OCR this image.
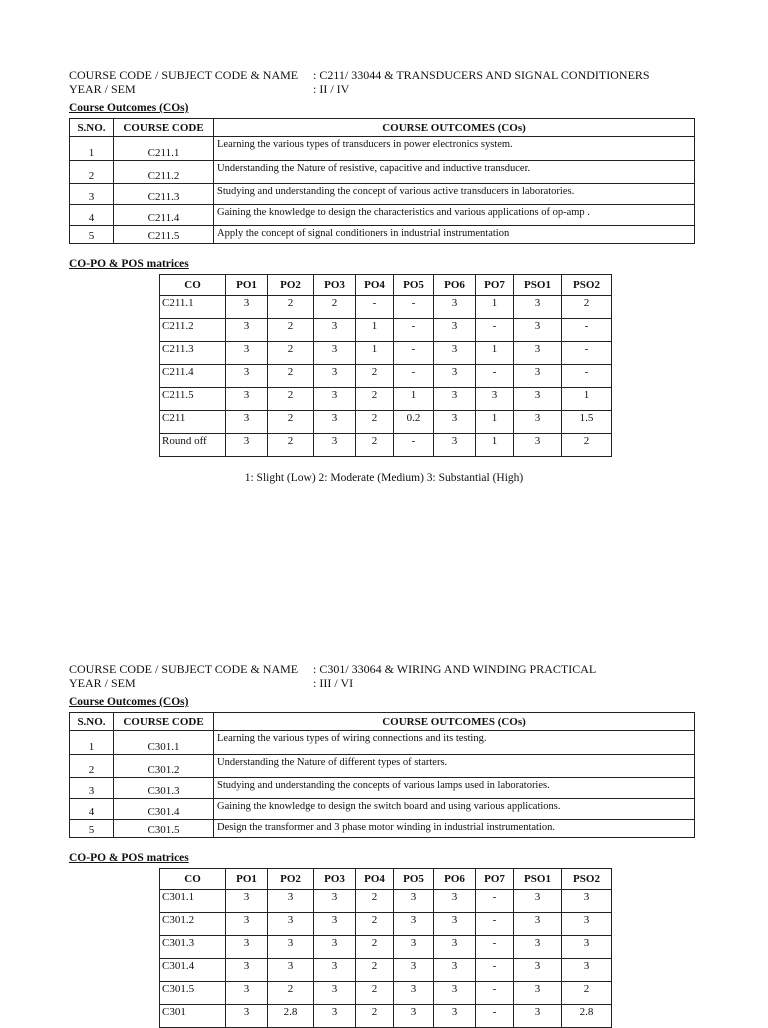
COURSE CODE / SUBJECT CODE & NAME : C211/ 33044 & TRANSDUCERS AND SIGNAL CONDITIONERS
YEAR / SEM	: II / IV
Course Outcomes (COs)
S.NO.	COURSE CODE	COURSE OUTCOMES (COs)
1	C211.1	Learning the various types of transducers in power electronics system.
2	C211.2	Understanding the Nature of resistive, capacitive and inductive transducer.
3	C211.3	Studying and understanding the concept of various active transducers in laboratories.
4	C211.4	Gaining the knowledge to design the characteristics and various applications of op-amp .
5	C211.5	Apply the concept of signal conditioners in industrial instrumentation
CO-PO & POS matrices
CO	PO1	PO2	PO3	PO4	PO5	PO6	PO7	PSO1	PSO2
C211.1	3	2	2	-	-	3	1	3	2
C211.2	3	2	3	1	-	3	-	3	-
C211.3	3	2	3	1	-	3	1	3	-
C211.4	3	2	3	2	-	3	-	3	-
C211.5	3	2	3	2	1	3	3	3	1
C211	3	2	3	2	0.2	3	1	3	1.5
Round off	3	2	3	2	-	3	1	3	2
1: Slight (Low) 2: Moderate (Medium) 3: Substantial (High)
COURSE CODE / SUBJECT CODE & NAME : C301/ 33064 & WIRING AND WINDING PRACTICAL
YEAR / SEM	: III / VI
Course Outcomes (COs)
S.NO.	COURSE CODE	COURSE OUTCOMES (COs)
1	C301.1	Learning the various types of wiring connections and its testing.
2	C301.2	Understanding the Nature of different types of starters.
3	C301.3	Studying and understanding the concepts of various lamps used in laboratories.
4	C301.4	Gaining the knowledge to design the switch board and using various applications.
5	C301.5	Design the transformer and 3 phase motor winding in industrial instrumentation.
CO-PO & POS matrices
CO	PO1	PO2	PO3	PO4	PO5	PO6	PO7	PSO1	PSO2
C301.1	3	3	3	2	3	3	-	3	3
C301.2	3	3	3	2	3	3	-	3	3
C301.3	3	3	3	2	3	3	-	3	3
C301.4	3	3	3	2	3	3	-	3	3
C301.5	3	2	3	2	3	3	-	3	2
C301	3	2.8	3	2	3	3	-	3	2.8
